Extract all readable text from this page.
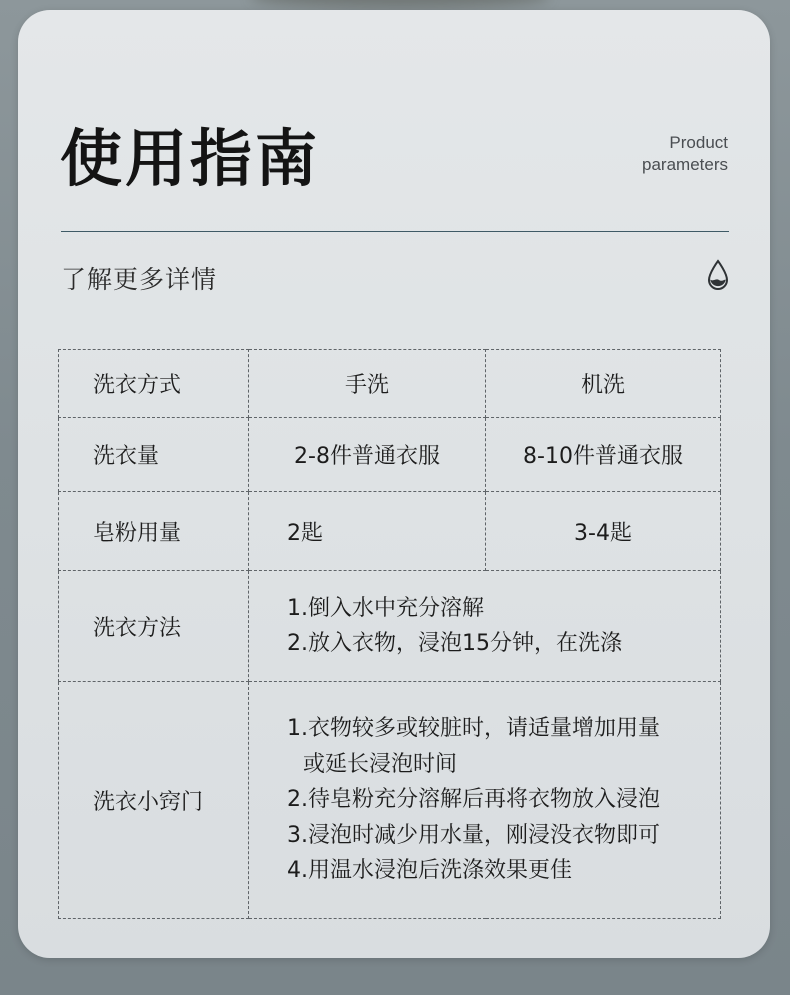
使用指南	Product
parameters
了解更多详情
洗衣方式	手洗	机洗
洗衣量	2-8件普通衣服	8-10件普通衣服
皂粉用量	2匙	3-4匙
洗衣方法	1.倒入水中充分溶解
2.放入衣物，浸泡15分钟，在洗涤	

洗衣小窍门	1.衣物较多或较脏时，请适量增加用量
或延长浸泡时间
2.待皂粉充分溶解后再将衣物放入浸泡
3.浸泡时减少用水量，刚浸没衣物即可
4.用温水浸泡后洗涤效果更佳	
